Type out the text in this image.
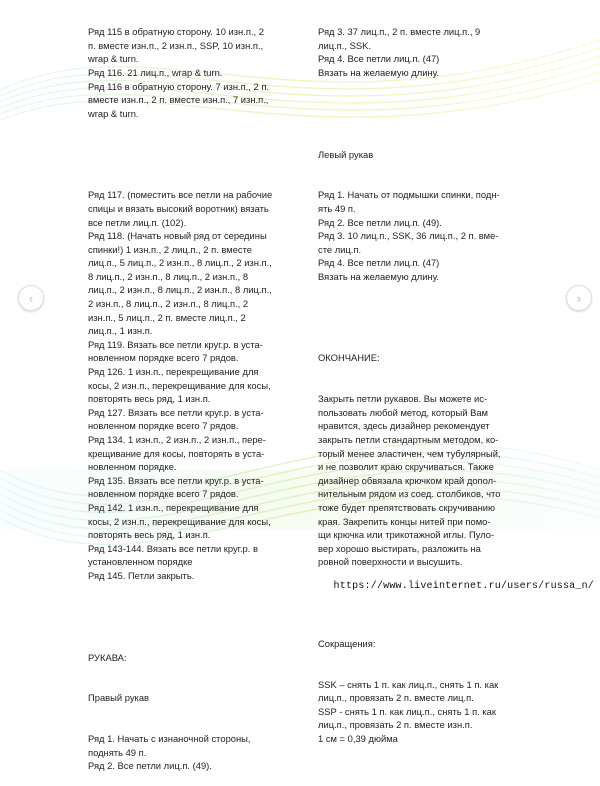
Ряд 115 в обратную сторону. 10 изн.п., 2
п. вместе изн.п., 2 изн.п., SSP, 10 изн.п.,
wrap & turn.
Ряд 116. 21 лиц.п., wrap & turn.
Ряд 116 в обратную сторону. 7 изн.п., 2 п.
вместе изн.п., 2 п. вместе изн.п., 7 изн.п.,
wrap & turn.

Ряд 117. (поместить все петли на рабочие
спицы и вязать высокий воротник) вязать
все петли лиц.п. (102).
Ряд 118. (Начать новый ряд от середины
спинки!) 1 изн.п., 2 лиц.п., 2 п. вместе
лиц.п., 5 лиц.п., 2 изн.п., 8 лиц.п., 2 изн.п.,
8 лиц.п., 2 изн.п., 8 лиц.п., 2 изн.п., 8
лиц.п., 2 изн.п., 8 лиц.п., 2 изн.п., 8 лиц.п.,
2 изн.п., 8 лиц.п., 2 изн.п., 8 лиц.п., 2
изн.п., 5 лиц.п., 2 п. вместе лиц.п., 2
лиц.п., 1 изн.п.
Ряд 119. Вязать все петли круг.р. в уста-
новленном порядке всего 7 рядов.
Ряд 126. 1 изн.п., перекрещивание для
косы, 2 изн.п., перекрещивание для косы,
повторять весь ряд, 1 изн.п.
Ряд 127. Вязать все петли круг.р. в уста-
новленном порядке всего 7 рядов.
Ряд 134. 1 изн.п., 2 изн.п., 2 изн.п., пере-
крещивание для косы, повторять в уста-
новленном порядке.
Ряд 135. Вязать все петли круг.р. в уста-
новленном порядке всего 7 рядов.
Ряд 142. 1 изн.п., перекрещивание для
косы, 2 изн.п., перекрещивание для косы,
повторять весь ряд, 1 изн.п.
Ряд 143-144. Вязать все петли круг.р. в
установленном порядке
Ряд 145. Петли закрыть.

РУКАВА:

Правый рукав

Ряд 1. Начать с изнаночной стороны,
поднять 49 п.
Ряд 2. Все петли лиц.п. (49).

Ряд 3. 37 лиц.п., 2 п. вместе лиц.п., 9
лиц.п., SSK.
Ряд 4. Все петли лиц.п. (47)
Вязать на желаемую длину.

Левый рукав

Ряд 1. Начать от подмышки спинки, подн-
ять 49 п.
Ряд 2. Все петли лиц.п. (49).
Ряд 3. 10 лиц.п., SSK, 36 лиц.п., 2 п. вме-
сте лиц.п.
Ряд 4. Все петли лиц.п. (47)
Вязать на желаемую длину.

ОКОНЧАНИЕ:

Закрыть петли рукавов. Вы можете ис-
пользовать любой метод, который Вам
нравится, здесь дизайнер рекомендует
закрыть петли стандартным методом, ко-
торый менее эластичен, чем тубулярный,
и не позволит краю скручиваться. Также
дизайнер обвязала крючком край допол-
нительным рядом из соед. столбиков, что
тоже будет препятствовать скручиванию
края. Закрепить концы нитей при помо-
щи крючка или трикотажной иглы. Пуло-
вер хорошо выстирать, разложить на
ровной поверхности и высушить.

Сокращения:

SSK – снять 1 п. как лиц.п., снять 1 п. как
лиц.п., провязать 2 п. вместе лиц.п.
SSP - снять 1 п. как лиц.п., снять 1 п. как
лиц.п., провязать 2 п. вместе изн.п.
1 см = 0,39 дюйма

‹	›
https://www.liveinternet.ru/users/russa_n/
